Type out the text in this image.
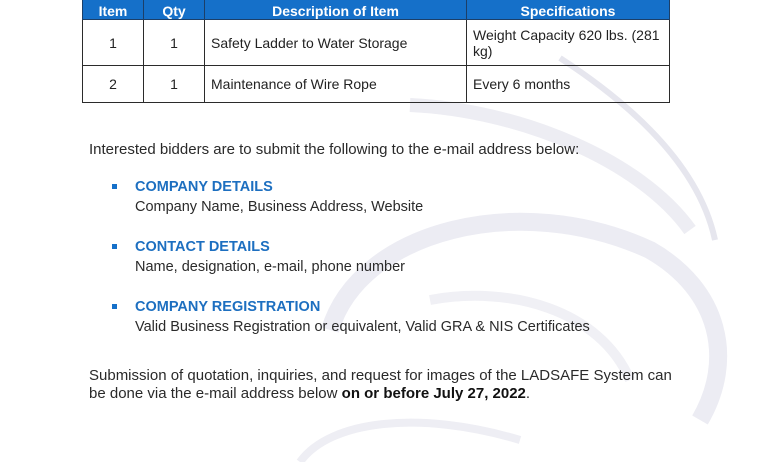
Item	Qty	Description of Item	Specifications
1	1	Safety Ladder to Water Storage	Weight Capacity 620 lbs. (281 kg)
2	1	Maintenance of Wire Rope	Every 6 months
Interested bidders are to submit the following to the e-mail address below:
COMPANY DETAILS
Company Name, Business Address, Website
CONTACT DETAILS
Name, designation, e-mail, phone number
COMPANY REGISTRATION
Valid Business Registration or equivalent, Valid GRA & NIS Certificates
Submission of quotation, inquiries, and request for images of the LADSAFE System can be done via the e-mail address below on or before July 27, 2022.
